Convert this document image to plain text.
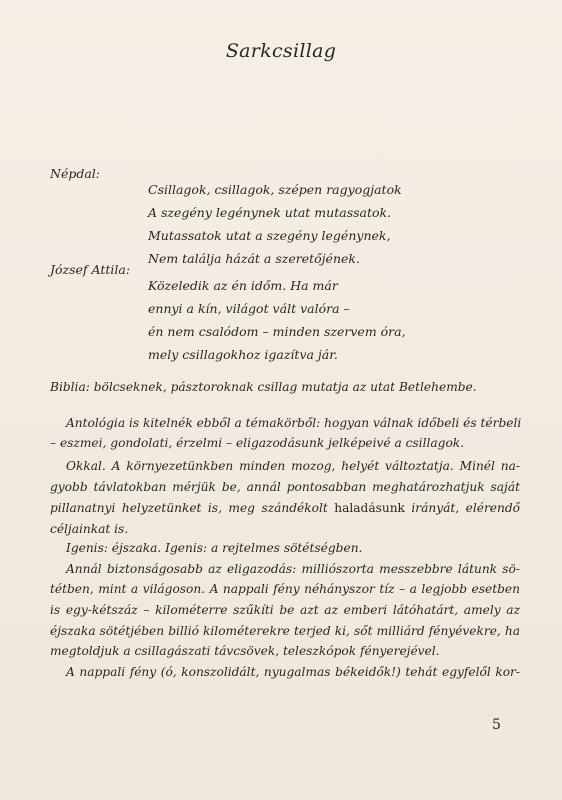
Sarkcsillag
Népdal:
Csillagok, csillagok, szépen ragyogjatok
A szegény legénynek utat mutassatok.
Mutassatok utat a szegény legénynek,
Nem találja házát a szeretőjének.
József Attila:
Közeledik az én időm. Ha már
ennyi a kín, világot vált valóra –
én nem csalódom – minden szervem óra,
mely csillagokhoz igazítva jár.
Biblia: bölcseknek, pásztoroknak csillag mutatja az utat Betlehembe.
Antológia is kitelnék ebből a témakörből: hogyan válnak időbeli és térbeli
– eszmei, gondolati, érzelmi – eligazodásunk jelképeivé a csillagok.
Okkal. A környezetünkben minden mozog, helyét változtatja. Minél na-
gyobb távlatokban mérjük be, annál pontosabban meghatározhatjuk saját
pillanatnyi helyzetünket is, meg szándékolt haladásunk irányát, elérendő
céljainkat is.
Igenis: éjszaka. Igenis: a rejtelmes sötétségben.
Annál biztonságosabb az eligazodás: milliószorta messzebbre látunk sö-
tétben, mint a világoson. A nappali fény néhányszor tíz – a legjobb esetben
is egy-kétszáz – kilométerre szűkíti be azt az emberi látóhatárt, amely az
éjszaka sötétjében billió kilométerekre terjed ki, sőt milliárd fényévekre, ha
megtoldjuk a csillagászati távcsövek, teleszkópok fényerejével.
A nappali fény (ó, konszolidált, nyugalmas békeidők!) tehát egyfelől kor-
5
